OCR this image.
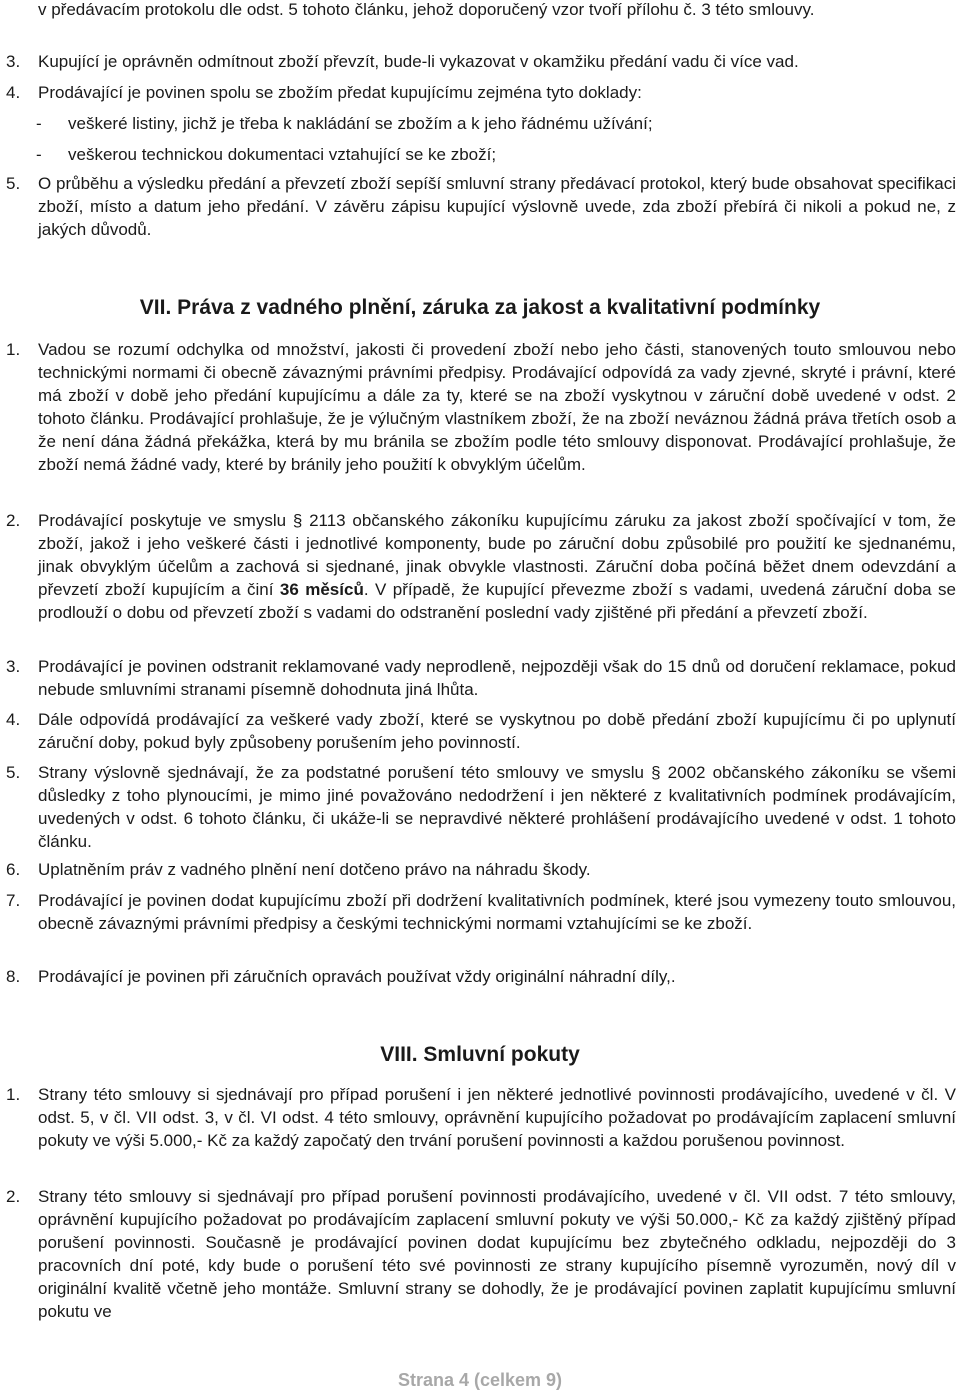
v předávacím protokolu dle odst. 5 tohoto článku, jehož doporučený vzor tvoří přílohu č. 3 této smlouvy.

3. Kupující je oprávněn odmítnout zboží převzít, bude-li vykazovat v okamžiku předání vadu či více vad.

4. Prodávající je povinen spolu se zbožím předat kupujícímu zejména tyto doklady:

- veškeré listiny, jichž je třeba k nakládání se zbožím a k jeho řádnému užívání;
- veškerou technickou dokumentaci vztahující se ke zboží;
5. O průběhu a výsledku předání a převzetí zboží sepíší smluvní strany předávací protokol, který bude obsahovat specifikaci zboží, místo a datum jeho předání. V závěru zápisu kupující výslovně uvede, zda zboží přebírá či nikoli a pokud ne, z jakých důvodů.

VII. Práva z vadného plnění, záruka za jakost a kvalitativní podmínky
1. Vadou se rozumí odchylka od množství, jakosti či provedení zboží nebo jeho části, stanovených touto smlouvou nebo technickými normami či obecně závaznými právními předpisy. Prodávající odpovídá za vady zjevné, skryté i právní, které má zboží v době jeho předání kupujícímu a dále za ty, které se na zboží vyskytnou v záruční době uvedené v odst. 2 tohoto článku. Prodávající prohlašuje, že je výlučným vlastníkem zboží, že na zboží neváznou žádná práva třetích osob a že není dána žádná překážka, která by mu bránila se zbožím podle této smlouvy disponovat. Prodávající prohlašuje, že zboží nemá žádné vady, které by bránily jeho použití k obvyklým účelům.

2. Prodávající poskytuje ve smyslu § 2113 občanského zákoníku kupujícímu záruku za jakost zboží spočívající v tom, že zboží, jakož i jeho veškeré části i jednotlivé komponenty, bude po záruční dobu způsobilé pro použití ke sjednanému, jinak obvyklým účelům a zachová si sjednané, jinak obvykle vlastnosti. Záruční doba počíná běžet dnem odevzdání a převzetí zboží kupujícím a činí 36 měsíců. V případě, že kupující převezme zboží s vadami, uvedená záruční doba se prodlouží o dobu od převzetí zboží s vadami do odstranění poslední vady zjištěné při předání a převzetí zboží.

3. Prodávající je povinen odstranit reklamované vady neprodleně, nejpozději však do 15 dnů od doručení reklamace, pokud nebude smluvními stranami písemně dohodnuta jiná lhůta.

4. Dále odpovídá prodávající za veškeré vady zboží, které se vyskytnou po době předání zboží kupujícímu či po uplynutí záruční doby, pokud byly způsobeny porušením jeho povinností.

5. Strany výslovně sjednávají, že za podstatné porušení této smlouvy ve smyslu § 2002 občanského zákoníku se všemi důsledky z toho plynoucími, je mimo jiné považováno nedodržení i jen některé z kvalitativních podmínek prodávajícím, uvedených v odst. 6 tohoto článku, či ukáže-li se nepravdivé některé prohlášení prodávajícího uvedené v odst. 1 tohoto článku.

6. Uplatněním práv z vadného plnění není dotčeno právo na náhradu škody.

7. Prodávající je povinen dodat kupujícímu zboží při dodržení kvalitativních podmínek, které jsou vymezeny touto smlouvou, obecně závaznými právními předpisy a českými technickými normami vztahujícími se ke zboží.

8. Prodávající je povinen při záručních opravách používat vždy originální náhradní díly,.

VIII. Smluvní pokuty
1. Strany této smlouvy si sjednávají pro případ porušení i jen některé jednotlivé povinnosti prodávajícího, uvedené v čl. V odst. 5, v čl. VII odst. 3, v čl. VI odst. 4 této smlouvy, oprávnění kupujícího požadovat po prodávajícím zaplacení smluvní pokuty ve výši 5.000,- Kč za každý započatý den trvání porušení povinnosti a každou porušenou povinnost.

2. Strany této smlouvy si sjednávají pro případ porušení povinnosti prodávajícího, uvedené v čl. VII odst. 7 této smlouvy, oprávnění kupujícího požadovat po prodávajícím zaplacení smluvní pokuty ve výši 50.000,- Kč za každý zjištěný případ porušení povinnosti. Současně je prodávající povinen dodat kupujícímu bez zbytečného odkladu, nejpozději do 3 pracovních dní poté, kdy bude o porušení této své povinnosti ze strany kupujícího písemně vyrozuměn, nový díl v originální kvalitě včetně jeho montáže. Smluvní strany se dohodly, že je prodávající povinen zaplatit kupujícímu smluvní pokutu ve

Strana 4 (celkem 9)
